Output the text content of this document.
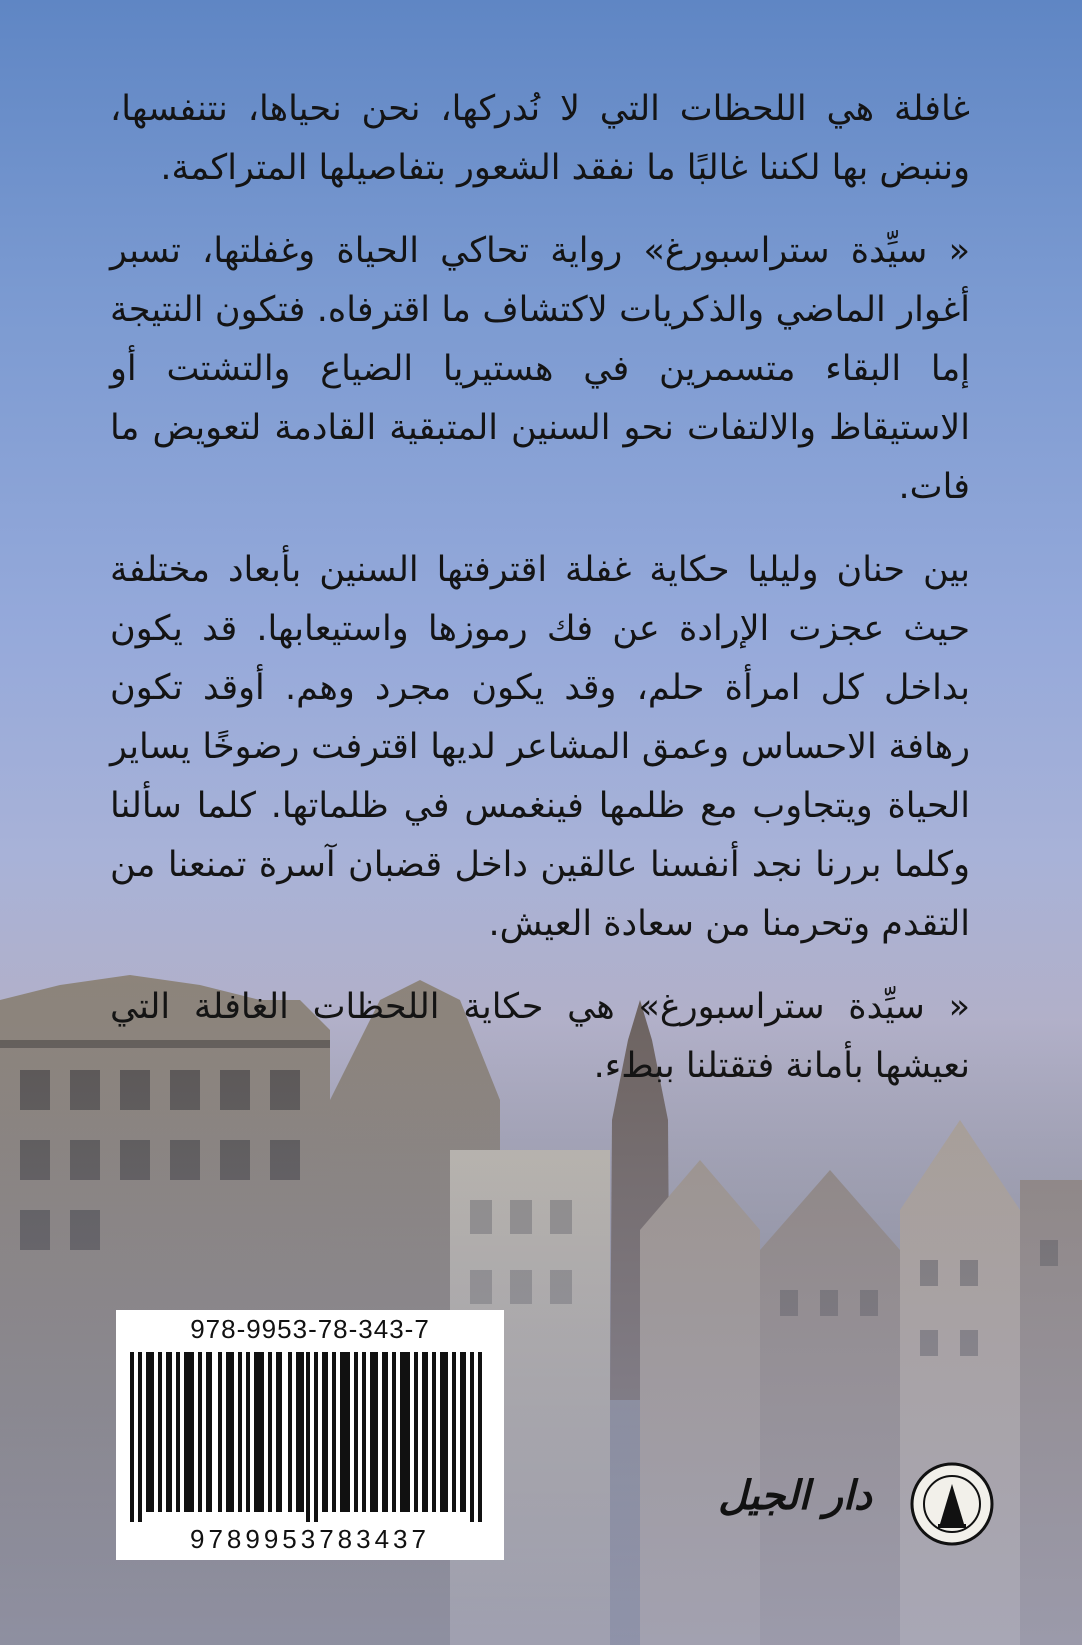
غافلة هي اللحظات التي لا نُدركها، نحن نحياها، نتنفسها، وننبض بها لكننا غالبًا ما نفقد الشعور بتفاصيلها المتراكمة.

« سيِّدة ستراسبورغ» رواية تحاكي الحياة وغفلتها، تسبر أغوار الماضي والذكريات لاكتشاف ما اقترفاه. فتكون النتيجة إما البقاء متسمرين في هستيريا الضياع والتشتت أو الاستيقاظ والالتفات نحو السنين المتبقية القادمة لتعويض ما فات.

بين حنان وليليا حكاية غفلة اقترفتها السنين بأبعاد مختلفة حيث عجزت الإرادة عن فك رموزها واستيعابها. قد يكون بداخل كل امرأة حلم، وقد يكون مجرد وهم. أوقد تكون رهافة الاحساس وعمق المشاعر لديها اقترفت رضوخًا يساير الحياة ويتجاوب مع ظلمها فينغمس في ظلماتها. كلما سألنا وكلما بررنا نجد أنفسنا عالقين داخل قضبان آسرة تمنعنا من التقدم وتحرمنا من سعادة العيش.

« سيِّدة ستراسبورغ» هي حكاية اللحظات الغافلة التي نعيشها بأمانة فتقتلنا ببطء.

978-9953-78-343-7
9789953783437
دار الجيل
